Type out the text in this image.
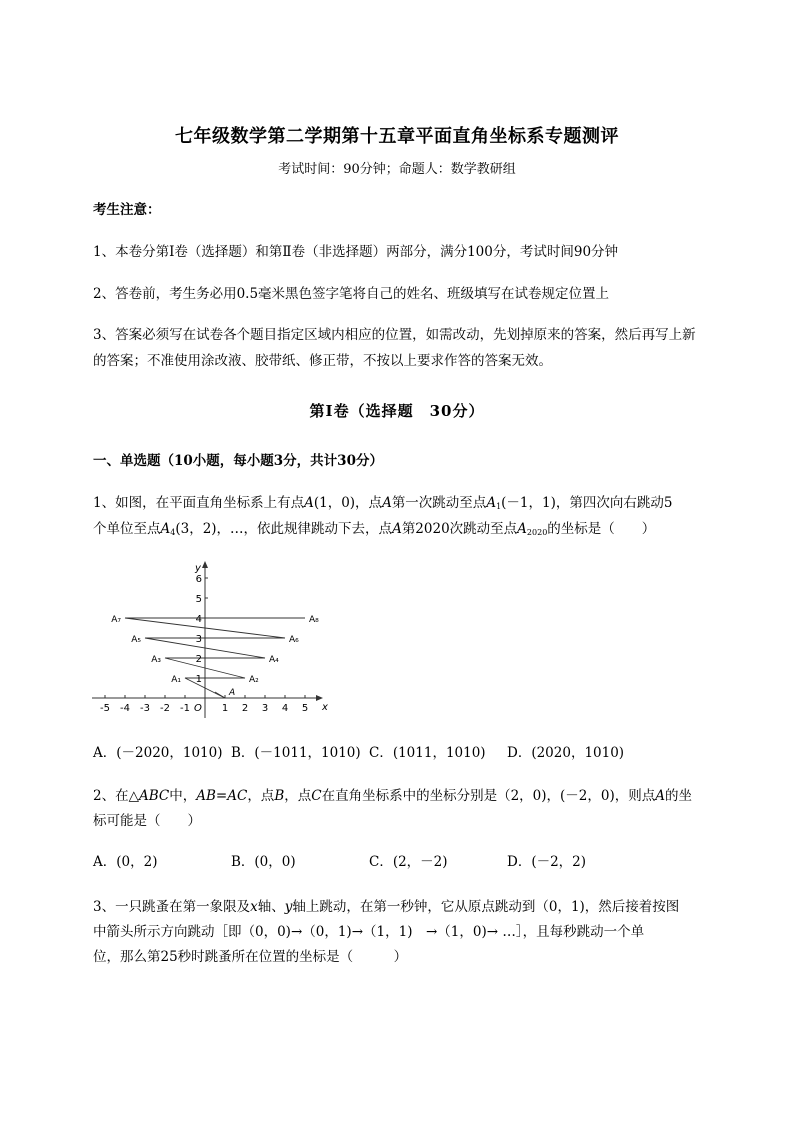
七年级数学第二学期第十五章平面直角坐标系专题测评
考试时间：90分钟；命题人：数学教研组
考生注意：
1、本卷分第I卷（选择题）和第Ⅱ卷（非选择题）两部分，满分100分，考试时间90分钟
2、答卷前，考生务必用0.5毫米黑色签字笔将自己的姓名、班级填写在试卷规定位置上
3、答案必须写在试卷各个题目指定区域内相应的位置，如需改动，先划掉原来的答案，然后再写上新
的答案；不准使用涂改液、胶带纸、修正带，不按以上要求作答的答案无效。
第I卷（选择题　30分）
一、单选题（10小题，每小题3分，共计30分）
1、如图，在平面直角坐标系上有点A(1，0)，点A第一次跳动至点$A_1(-1$，1)，第四次向右跳动5
个单位至点$A_4(3$，2)，…，依此规律跳动下去，点A第2020次跳动至点$A_{2020}$的坐标是（　　）
x
y
O
-5 -4 -3 -2 -1	1 2 3 4 5
1
2
3
4
5
6
A
A₁	A₂
A₃	A₄
A₅	A₆
A₇	A₈
A．(－2020，1010) B．(－1011，1010) C．(1011，1010) D．(2020，1010)
2、在△ABC中，AB=AC，点B，点C在直角坐标系中的坐标分别是（2，0)，(－2，0)，则点A的坐
标可能是（　　）
A．(0，2)	B．(0，0)	C．(2，－2)	D．(－2，2)
3、一只跳蚤在第一象限及x轴、y轴上跳动，在第一秒钟，它从原点跳动到（0，1)，然后接着按图
中箭头所示方向跳动［即（0，0)→（0，1)→（1，1)　→（1，0)→ …］，且每秒跳动一个单
位，那么第25秒时跳蚤所在位置的坐标是（　　　）
